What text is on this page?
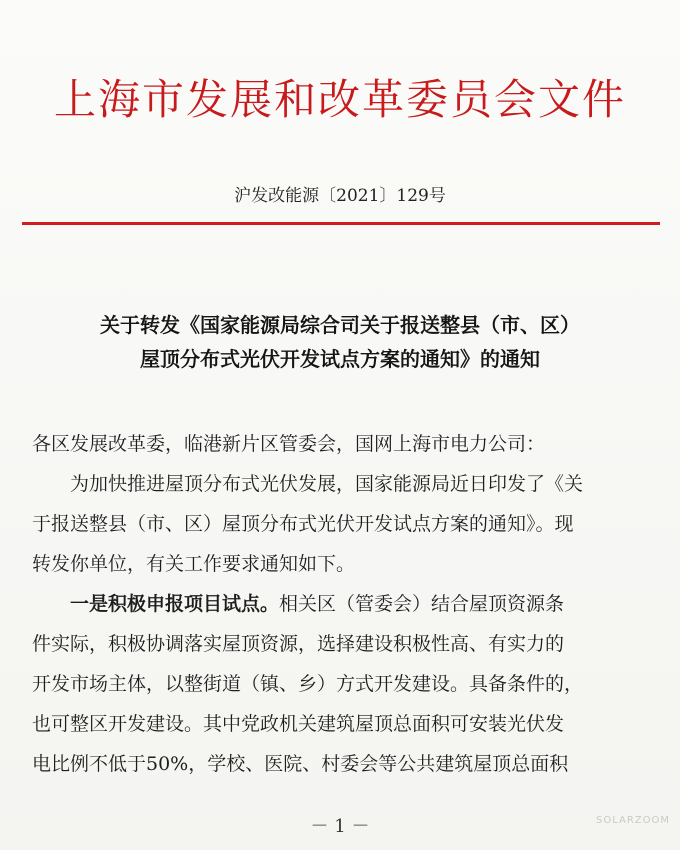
上海市发展和改革委员会文件
沪发改能源〔2021〕129号
关于转发《国家能源局综合司关于报送整县（市、区）
屋顶分布式光伏开发试点方案的通知》的通知
各区发展改革委，临港新片区管委会，国网上海市电力公司：
为加快推进屋顶分布式光伏发展，国家能源局近日印发了《关
于报送整县（市、区）屋顶分布式光伏开发试点方案的通知》。现
转发你单位，有关工作要求通知如下。
一是积极申报项目试点。相关区（管委会）结合屋顶资源条
件实际，积极协调落实屋顶资源，选择建设积极性高、有实力的
开发市场主体，以整街道（镇、乡）方式开发建设。具备条件的，
也可整区开发建设。其中党政机关建筑屋顶总面积可安装光伏发
电比例不低于50%，学校、医院、村委会等公共建筑屋顶总面积
－ 1 －	SOLARZOOM
